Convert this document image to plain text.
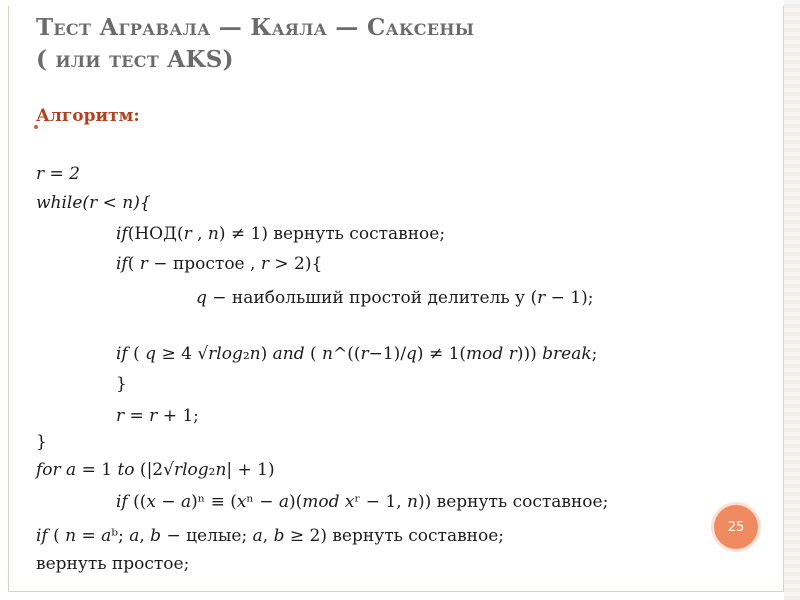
Тест Агравала — Каяла — Саксены
( или тест AKS)
Алгоритм:
𝑟 = 2
𝑤ℎ𝑖𝑙𝑒(𝑟 < 𝑛){
𝑖𝑓(НОД(𝑟 , 𝑛) ≠ 1) вернуть составное;
𝑖𝑓( 𝑟 − простое , 𝑟 > 2){
𝑞 − наибольший простой делитель у (𝑟 − 1);
𝑖𝑓 ( 𝑞 ≥ 4 √𝑟𝑙𝑜𝑔₂𝑛) 𝑎𝑛𝑑 ( 𝑛^((𝑟−1)/𝑞) ≠ 1(𝑚𝑜𝑑 𝑟))) 𝑏𝑟𝑒𝑎𝑘;
}
𝑟 = 𝑟 + 1;
}
𝑓𝑜𝑟 𝑎 = 1 𝑡𝑜 (|2√𝑟𝑙𝑜𝑔₂𝑛| + 1)
𝑖𝑓 ((𝑥 − 𝑎)ⁿ ≡ (𝑥ⁿ − 𝑎)(𝑚𝑜𝑑 𝑥ʳ − 1, 𝑛)) вернуть составное;
𝑖𝑓 ( 𝑛 = 𝑎ᵇ; 𝑎, 𝑏 − целые; 𝑎, 𝑏 ≥ 2) вернуть составное;
вернуть простое;
25
